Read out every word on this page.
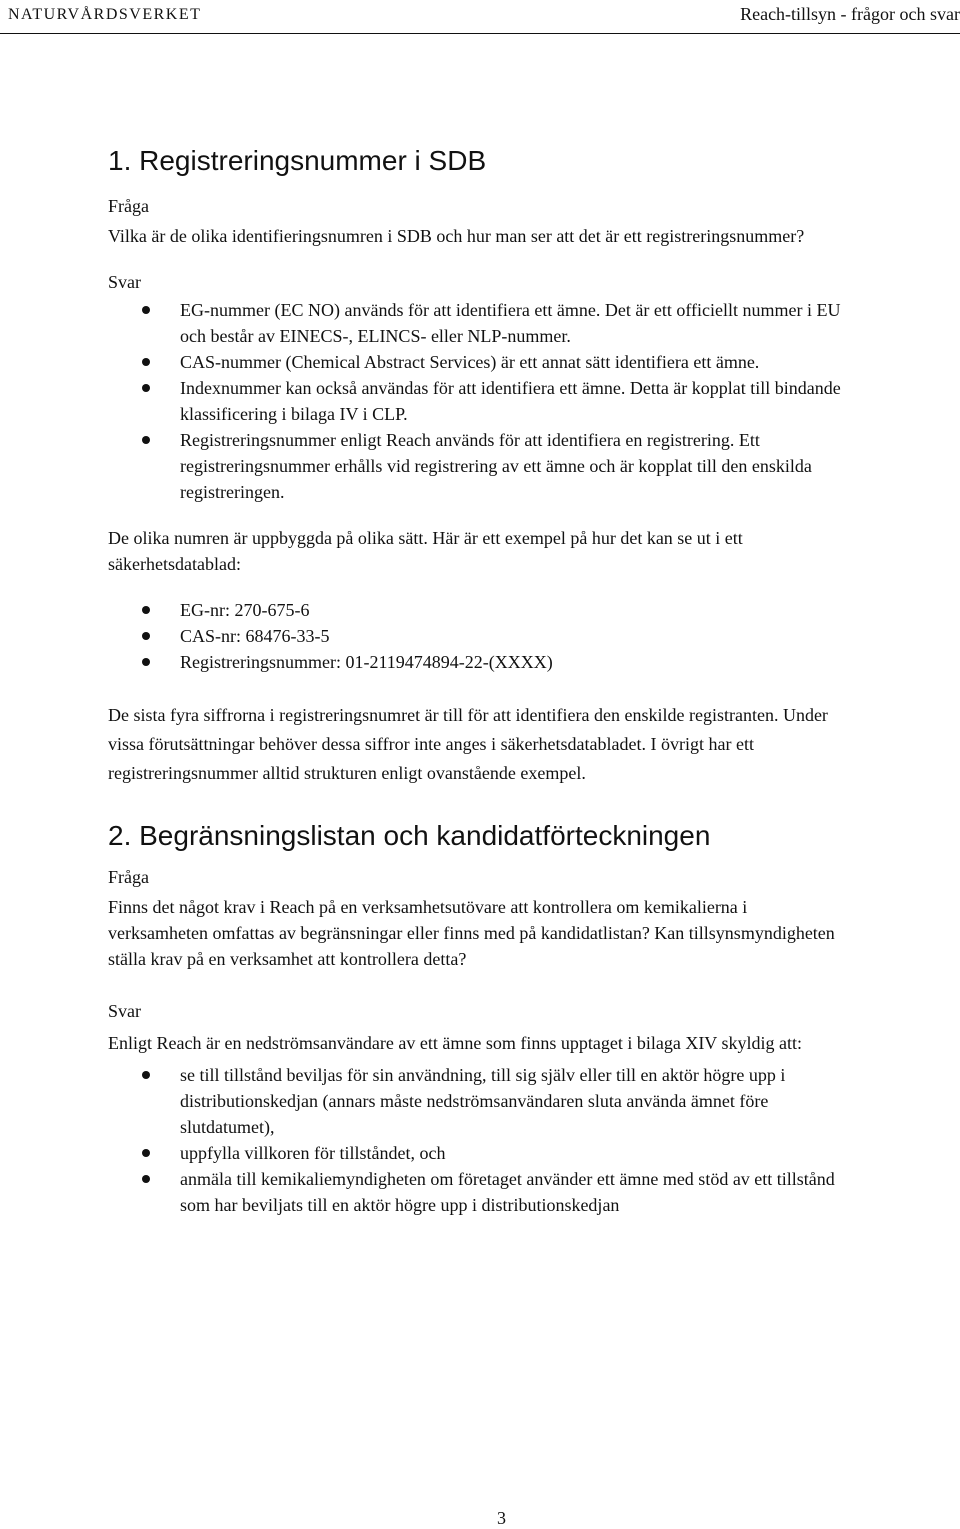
NATURVÅRDSVERKET	Reach-tillsyn - frågor och svar
1. Registreringsnummer i SDB

Fråga

Vilka är de olika identifieringsnumren i SDB och hur man ser att det är ett registreringsnummer?

Svar

EG-nummer (EC NO) används för att identifiera ett ämne. Det är ett officiellt nummer i EU och består av EINECS-, ELINCS- eller NLP-nummer.
CAS-nummer (Chemical Abstract Services) är ett annat sätt identifiera ett ämne.
Indexnummer kan också användas för att identifiera ett ämne. Detta är kopplat till bindande klassificering i bilaga IV i CLP.
Registreringsnummer enligt Reach används för att identifiera en registrering. Ett registreringsnummer erhålls vid registrering av ett ämne och är kopplat till den enskilda registreringen.

De olika numren är uppbyggda på olika sätt. Här är ett exempel på hur det kan se ut i ett säkerhetsdatablad:

EG-nr: 270-675-6
CAS-nr: 68476-33-5
Registreringsnummer: 01-2119474894-22-(XXXX)

De sista fyra siffrorna i registreringsnumret är till för att identifiera den enskilde registranten. Under vissa förutsättningar behöver dessa siffror inte anges i säkerhetsdatabladet. I övrigt har ett registreringsnummer alltid strukturen enligt ovanstående exempel.

2. Begränsningslistan och kandidatförteckningen

Fråga

Finns det något krav i Reach på en verksamhetsutövare att kontrollera om kemikalierna i verksamheten omfattas av begränsningar eller finns med på kandidatlistan? Kan tillsynsmyndigheten ställa krav på en verksamhet att kontrollera detta?

Svar

Enligt Reach är en nedströmsanvändare av ett ämne som finns upptaget i bilaga XIV skyldig att:

se till tillstånd beviljas för sin användning, till sig själv eller till en aktör högre upp i distributionskedjan (annars måste nedströmsanvändaren sluta använda ämnet före slutdatumet),
uppfylla villkoren för tillståndet, och
anmäla till kemikaliemyndigheten om företaget använder ett ämne med stöd av ett tillstånd som har beviljats till en aktör högre upp i distributionskedjan
3
